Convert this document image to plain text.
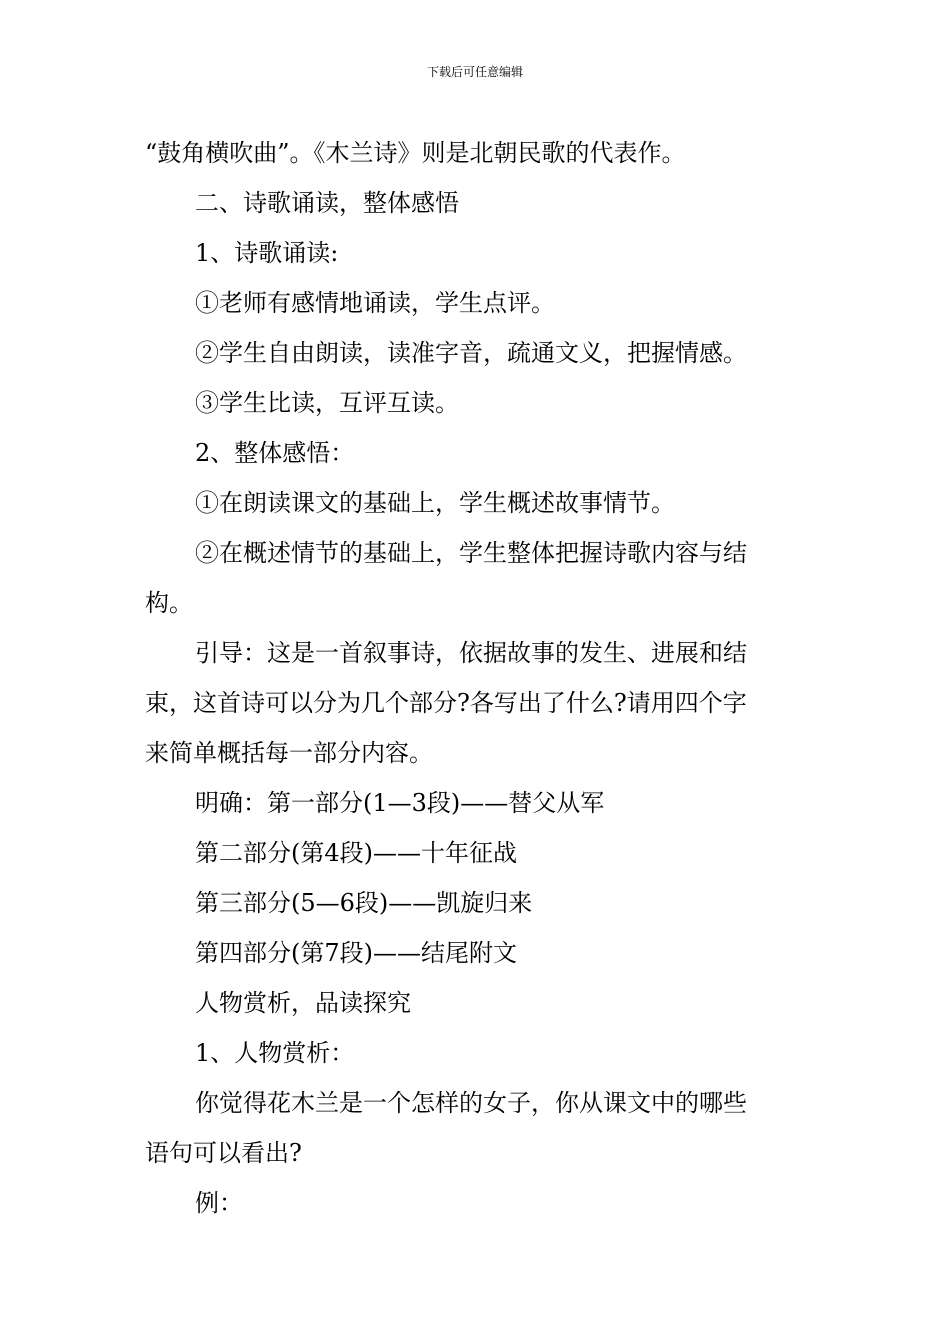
下载后可任意编辑
“鼓角横吹曲”。《木兰诗》则是北朝民歌的代表作。
二、诗歌诵读，整体感悟
1、诗歌诵读:
①老师有感情地诵读，学生点评。
②学生自由朗读，读准字音，疏通文义，把握情感。
③学生比读，互评互读。
2、整体感悟：
①在朗读课文的基础上，学生概述故事情节。
②在概述情节的基础上，学生整体把握诗歌内容与结
构。
引导：这是一首叙事诗，依据故事的发生、进展和结
束，这首诗可以分为几个部分?各写出了什么?请用四个字
来简单概括每一部分内容。
明确：第一部分(1—3段)——替父从军
第二部分(第4段)——十年征战
第三部分(5—6段)——凯旋归来
第四部分(第7段)——结尾附文
人物赏析，品读探究
1、人物赏析：
你觉得花木兰是一个怎样的女子，你从课文中的哪些
语句可以看出?
例：
